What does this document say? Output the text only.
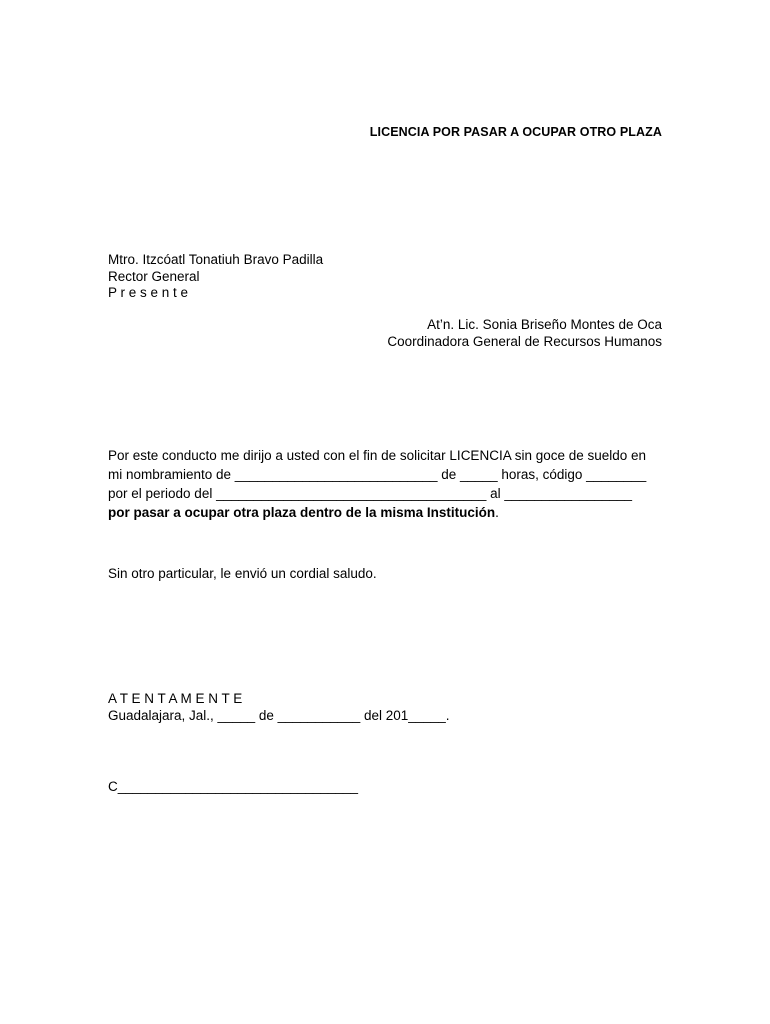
LICENCIA POR PASAR A OCUPAR OTRO PLAZA
Mtro. Itzcóatl Tonatiuh Bravo Padilla
Rector General
P r e s e n t e
At’n. Lic. Sonia Briseño Montes de Oca
Coordinadora General de Recursos Humanos
Por este conducto me dirijo a usted con el fin de solicitar LICENCIA sin goce de sueldo en
mi nombramiento de ___________________________ de _____ horas, código ________
por el periodo del ____________________________________ al _________________
por pasar a ocupar otra plaza dentro de la misma Institución .
Sin otro particular, le envió un cordial saludo.
A T E N T A M E N T E
Guadalajara, Jal., _____ de ___________ del 201_____.
C________________________________
